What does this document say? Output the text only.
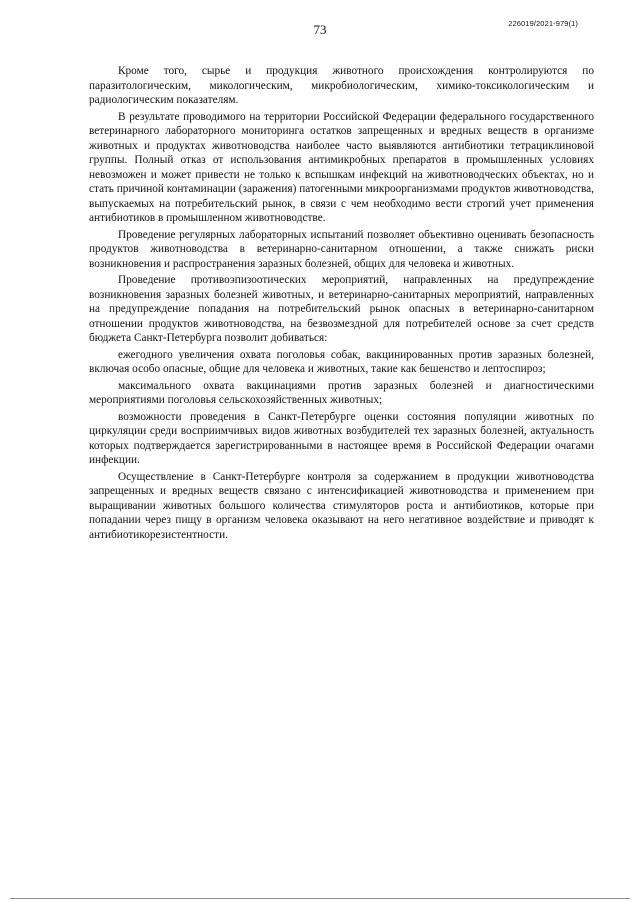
73	226019/2021-979(1)

Кроме того, сырье и продукция животного происхождения контролируются по паразитологическим, микологическим, микробиологическим, химико-токсикологическим и радиологическим показателям.

В результате проводимого на территории Российской Федерации федерального государственного ветеринарного лабораторного мониторинга остатков запрещенных и вредных веществ в организме животных и продуктах животноводства наиболее часто выявляются антибиотики тетрациклиновой группы. Полный отказ от использования антимикробных препаратов в промышленных условиях невозможен и может привести не только к вспышкам инфекций на животноводческих объектах, но и стать причиной контаминации (заражения) патогенными микроорганизмами продуктов животноводства, выпускаемых на потребительский рынок, в связи с чем необходимо вести строгий учет применения антибиотиков в промышленном животноводстве.

Проведение регулярных лабораторных испытаний позволяет объективно оценивать безопасность продуктов животноводства в ветеринарно-санитарном отношении, а также снижать риски возникновения и распространения заразных болезней, общих для человека и животных.

Проведение противоэпизоотических мероприятий, направленных на предупреждение возникновения заразных болезней животных, и ветеринарно-санитарных мероприятий, направленных на предупреждение попадания на потребительский рынок опасных в ветеринарно-санитарном отношении продуктов животноводства, на безвозмездной для потребителей основе за счет средств бюджета Санкт-Петербурга позволит добиваться:

ежегодного увеличения охвата поголовья собак, вакцинированных против заразных болезней, включая особо опасные, общие для человека и животных, такие как бешенство и лептоспироз;

максимального охвата вакцинациями против заразных болезней и диагностическими мероприятиями поголовья сельскохозяйственных животных;

возможности проведения в Санкт-Петербурге оценки состояния популяции животных по циркуляции среди восприимчивых видов животных возбудителей тех заразных болезней, актуальность которых подтверждается зарегистрированными в настоящее время в Российской Федерации очагами инфекции.

Осуществление в Санкт-Петербурге контроля за содержанием в продукции животноводства запрещенных и вредных веществ связано с интенсификацией животноводства и применением при выращивании животных большого количества стимуляторов роста и антибиотиков, которые при попадании через пищу в организм человека оказывают на него негативное воздействие и приводят к антибиотикорезистентности.
